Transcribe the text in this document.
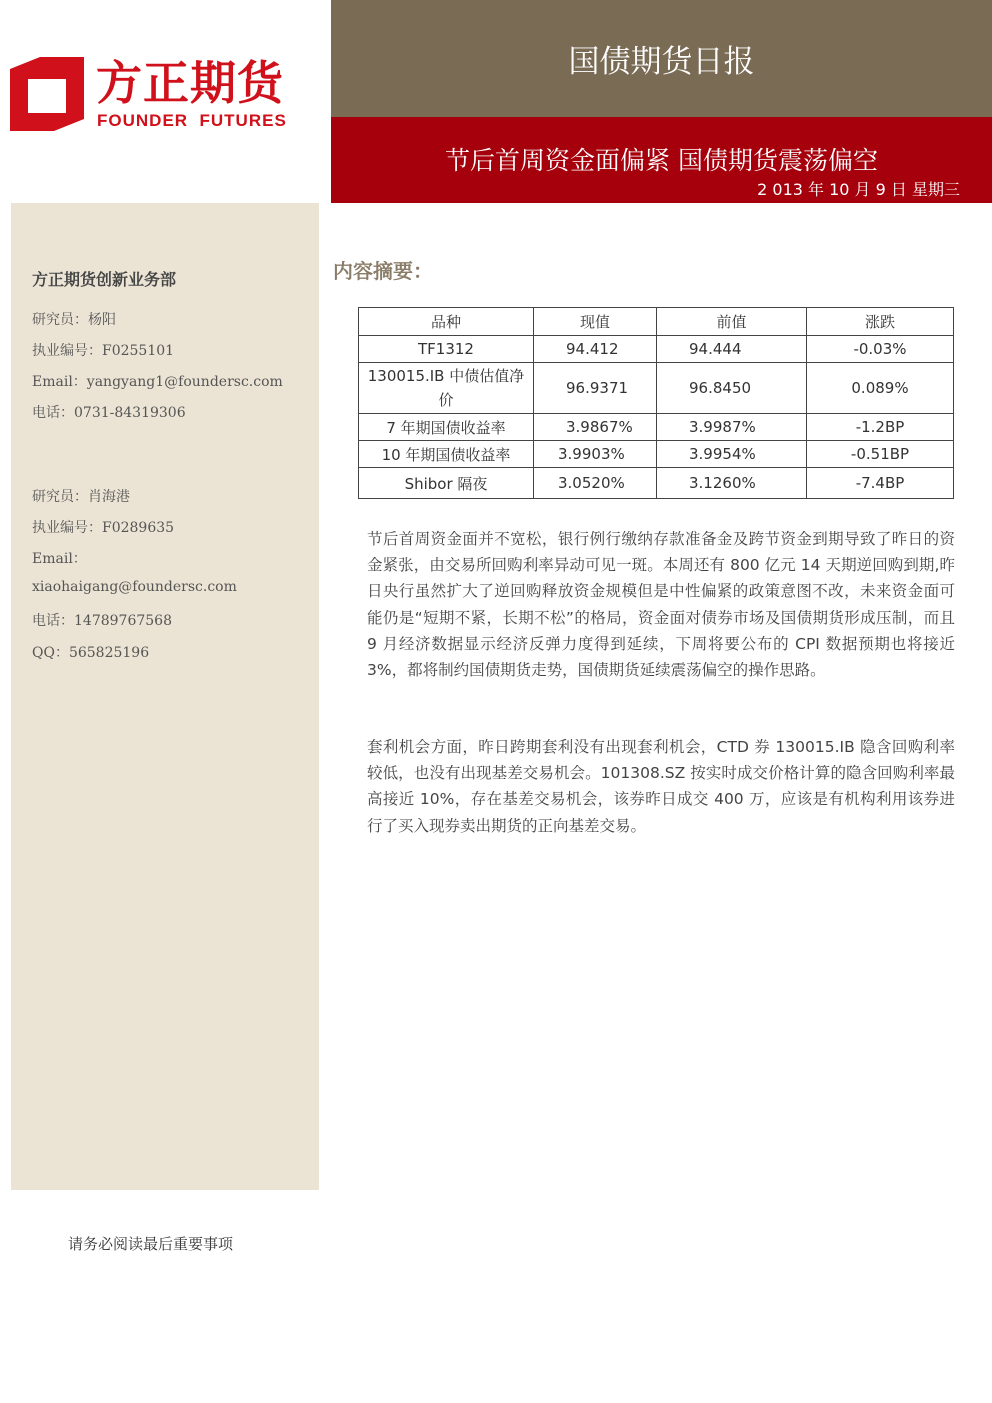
方正期货
FOUNDER  FUTURES
国债期货日报
节后首周资金面偏紧 国债期货震荡偏空
2 013 年 10 月 9 日 星期三
方正期货创新业务部
研究员：杨阳
执业编号：F0255101
Email：yangyang1@foundersc.com
电话：0731-84319306
研究员：肖海港
执业编号：F0289635
Email：
xiaohaigang@foundersc.com
电话：14789767568
QQ：565825196
请务必阅读最后重要事项
内容摘要：
品种	现值	前值	涨跌
TF1312	94.412	94.444	-0.03%
130015.IB 中债估值净价	96.9371	96.8450	0.089%
7 年期国债收益率	3.9867%	3.9987%	-1.2BP
10 年期国债收益率	3.9903%	3.9954%	-0.51BP
Shibor 隔夜	3.0520%	3.1260%	-7.4BP
节后首周资金面并不宽松，银行例行缴纳存款准备金及跨节资金到期导致了昨日的资金紧张，由交易所回购利率异动可见一斑。本周还有 800 亿元 14 天期逆回购到期,昨日央行虽然扩大了逆回购释放资金规模但是中性偏紧的政策意图不改，未来资金面可能仍是“短期不紧，长期不松”的格局，资金面对债券市场及国债期货形成压制，而且 9 月经济数据显示经济反弹力度得到延续，下周将要公布的 CPI 数据预期也将接近 3%，都将制约国债期货走势，国债期货延续震荡偏空的操作思路。
套利机会方面，昨日跨期套利没有出现套利机会，CTD 券 130015.IB 隐含回购利率较低，也没有出现基差交易机会。101308.SZ 按实时成交价格计算的隐含回购利率最高接近 10%，存在基差交易机会，该券昨日成交 400 万，应该是有机构利用该券进行了买入现券卖出期货的正向基差交易。
